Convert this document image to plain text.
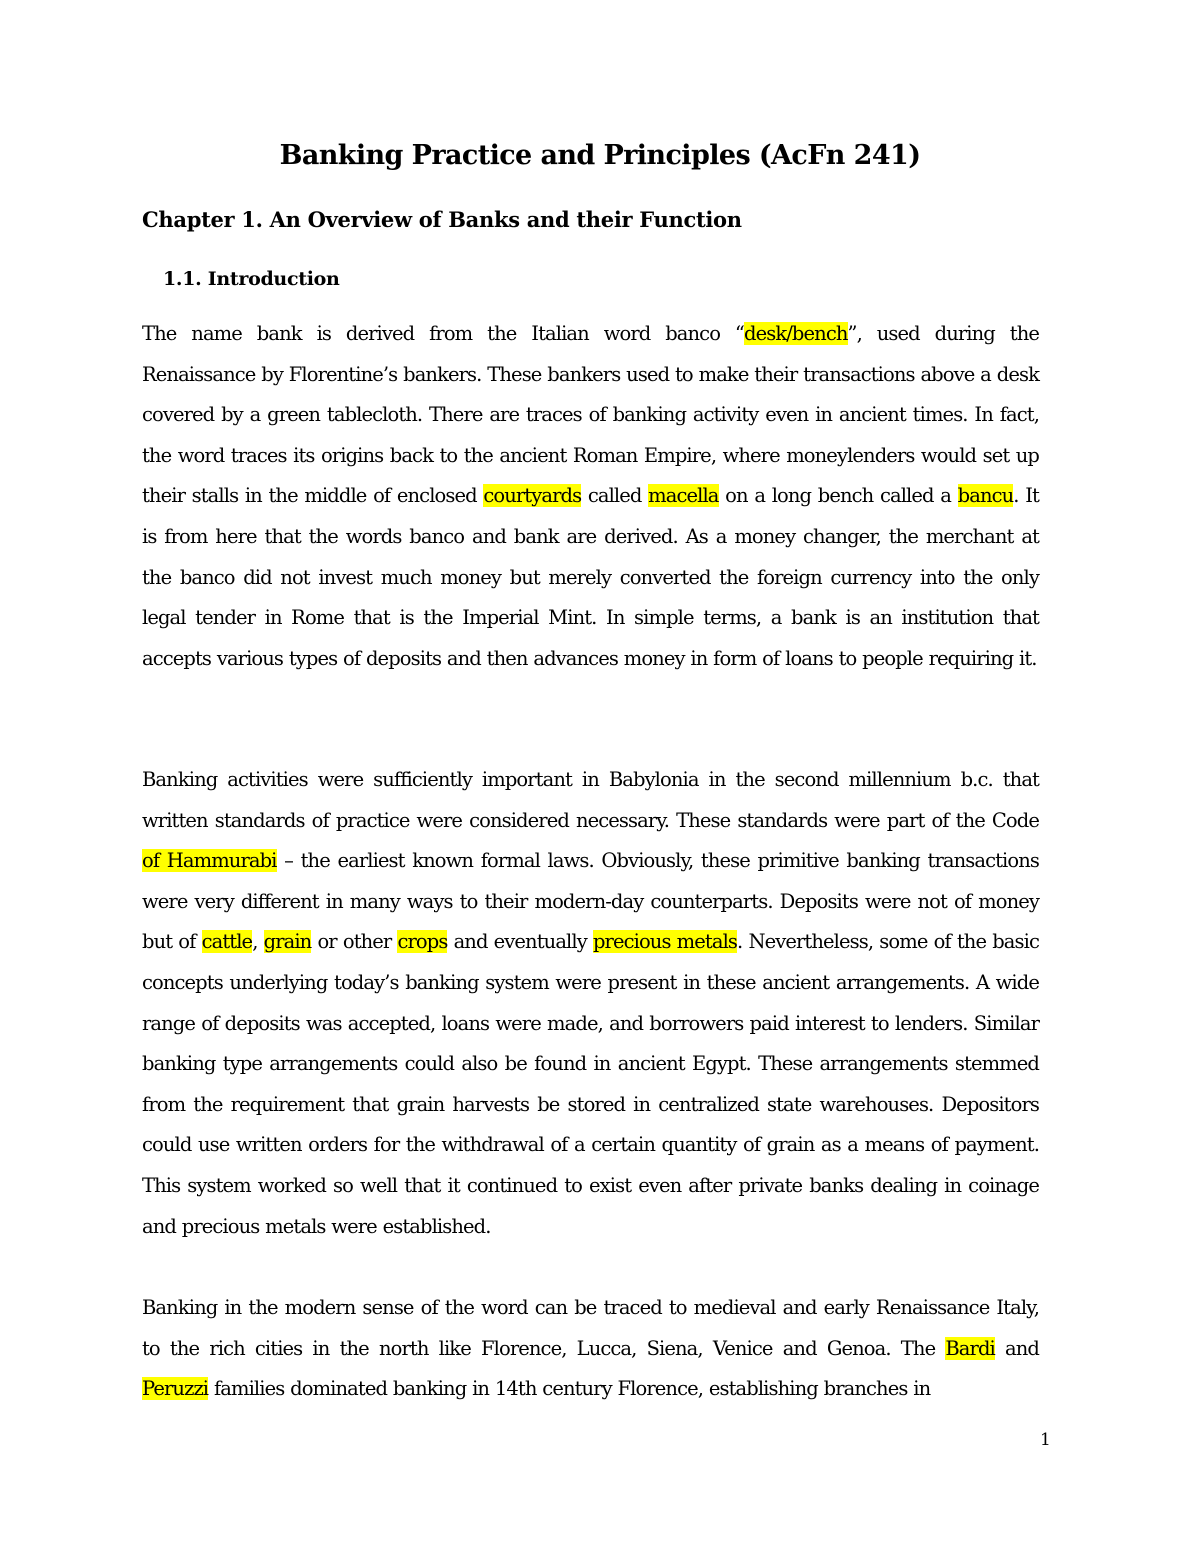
Banking Practice and Principles (AcFn 241)
Chapter 1. An Overview of Banks and their Function
1.1. Introduction

The name bank is derived from the Italian word banco “desk/bench”, used during the Renaissance by Florentine’s bankers. These bankers used to make their transactions above a desk covered by a green tablecloth. There are traces of banking activity even in ancient times. In fact, the word traces its origins back to the ancient Roman Empire, where moneylenders would set up their stalls in the middle of enclosed courtyards called macella on a long bench called a bancu. It is from here that the words banco and bank are derived. As a money changer, the merchant at the banco did not invest much money but merely converted the foreign currency into the only legal tender in Rome that is the Imperial Mint. In simple terms, a bank is an institution that accepts various types of deposits and then advances money in form of loans to people requiring it.

Banking activities were sufficiently important in Babylonia in the second millennium b.c. that written standards of practice were considered necessary. These standards were part of the Code of Hammurabi – the earliest known formal laws. Obviously, these primitive banking transactions were very different in many ways to their modern-day counterparts. Deposits were not of money but of cattle, grain or other crops and eventually precious metals. Nevertheless, some of the basic concepts underlying today’s banking system were present in these ancient arrangements. A wide range of deposits was accepted, loans were made, and borrowers paid interest to lenders. Similar banking type arrangements could also be found in ancient Egypt. These arrangements stemmed from the requirement that grain harvests be stored in centralized state warehouses. Depositors could use written orders for the withdrawal of a certain quantity of grain as a means of payment. This system worked so well that it continued to exist even after private banks dealing in coinage and precious metals were established.

Banking in the modern sense of the word can be traced to medieval and early Renaissance Italy, to the rich cities in the north like Florence, Lucca, Siena, Venice and Genoa. The Bardi and Peruzzi families dominated banking in 14th century Florence, establishing branches in

1
